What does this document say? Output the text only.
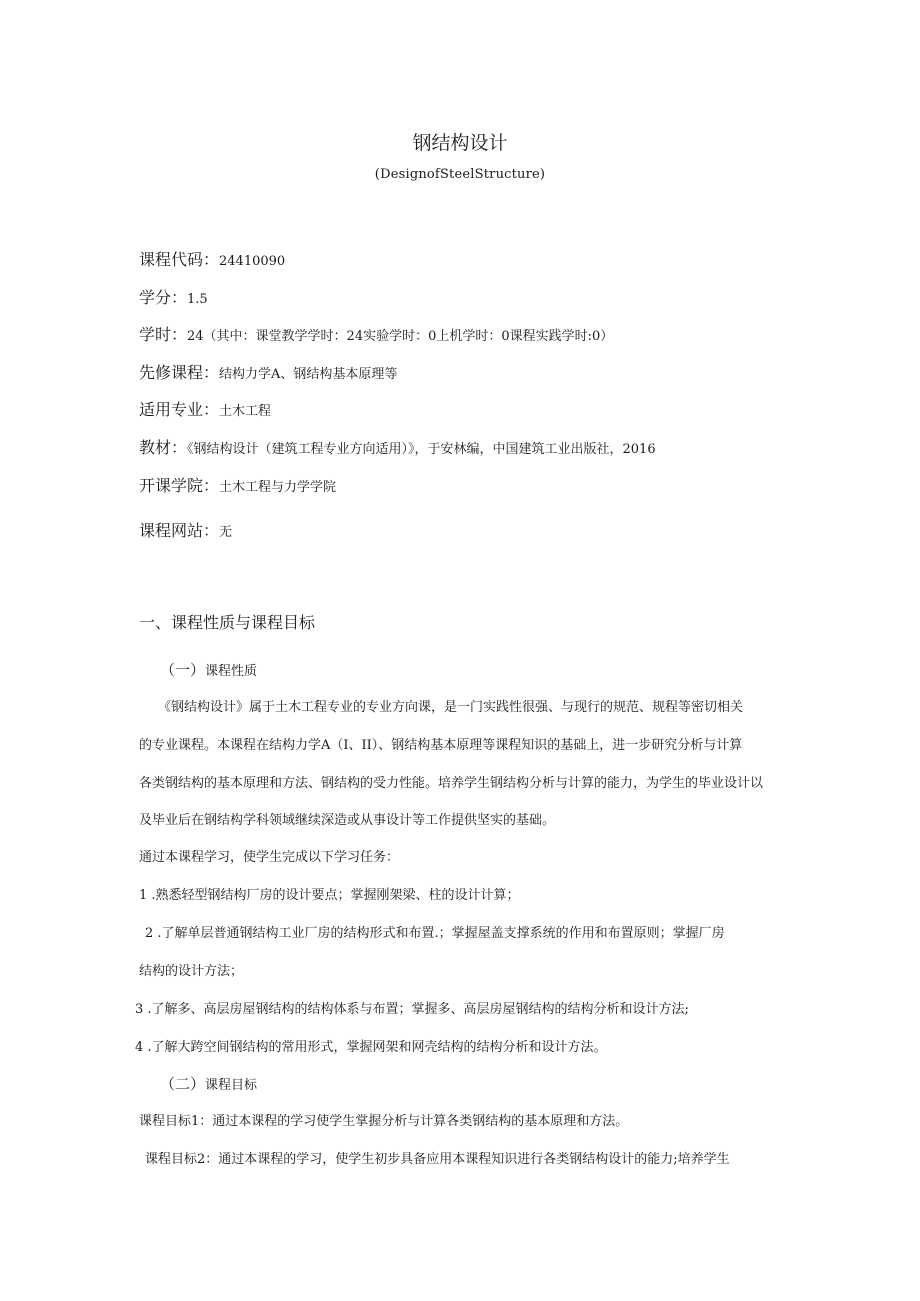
钢结构设计
(DesignofSteelStructure)
课程代码：24410090
学分：1.5
学时：24（其中：课堂教学学时：24实验学时：0上机学时：0课程实践学时:0）
先修课程：结构力学A、钢结构基本原理等
适用专业：土木工程
教材：《钢结构设计（建筑工程专业方向适用）》，于安林编，中国建筑工业出版社，2016
开课学院：土木工程与力学学院
课程网站：无
一、课程性质与课程目标
（一）课程性质
《钢结构设计》属于土木工程专业的专业方向课，是一门实践性很强、与现行的规范、规程等密切相关
的专业课程。本课程在结构力学A（I、II）、钢结构基本原理等课程知识的基础上，进一步研究分析与计算
各类钢结构的基本原理和方法、钢结构的受力性能。培养学生钢结构分析与计算的能力，为学生的毕业设计以
及毕业后在钢结构学科领域继续深造或从事设计等工作提供坚实的基础。
通过本课程学习，使学生完成以下学习任务：
1 .熟悉轻型钢结构厂房的设计要点；掌握刚架梁、柱的设计计算；
2 .了解单层普通钢结构工业厂房的结构形式和布置.；掌握屋盖支撑系统的作用和布置原则；掌握厂房
结构的设计方法；
3 .了解多、高层房屋钢结构的结构体系与布置；掌握多、高层房屋钢结构的结构分析和设计方法;
4 .了解大跨空间钢结构的常用形式，掌握网架和网壳结构的结构分析和设计方法。
（二）课程目标
课程目标1：通过本课程的学习使学生掌握分析与计算各类钢结构的基本原理和方法。
课程目标2：通过本课程的学习，使学生初步具备应用本课程知识进行各类钢结构设计的能力;培养学生
